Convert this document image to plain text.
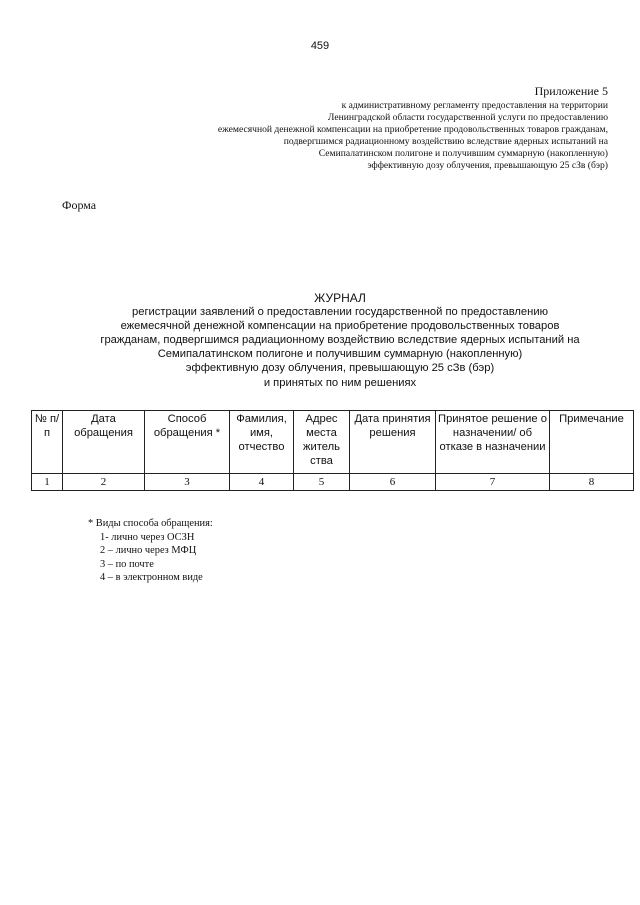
459
Приложение 5
к административному регламенту предоставления на территории
Ленинградской области государственной услуги по предоставлению
ежемесячной денежной компенсации на приобретение продовольственных товаров гражданам,
подвергшимся радиационному воздействию вследствие ядерных испытаний на
Семипалатинском полигоне и получившим суммарную (накопленную)
эффективную дозу облучения, превышающую 25 сЗв (бэр)
Форма
ЖУРНАЛ
регистрации заявлений о предоставлении государственной по предоставлению
ежемесячной денежной компенсации на приобретение продовольственных товаров
гражданам, подвергшимся радиационному воздействию вследствие ядерных испытаний на
Семипалатинском полигоне и получившим суммарную (накопленную)
эффективную дозу облучения, превышающую 25 сЗв (бэр)
и принятых по ним решениях
№ п/п	Дата обращения	Способ обращения *	Фамилия, имя, отчество	Адрес места житель ства	Дата принятия решения	Принятое решение о назначении/ об отказе в назначении	Примечание
1	2	3	4	5	6	7	8
* Виды способа обращения:
1- лично через ОСЗН
2 – лично через МФЦ
3 – по почте
4 – в электронном виде
